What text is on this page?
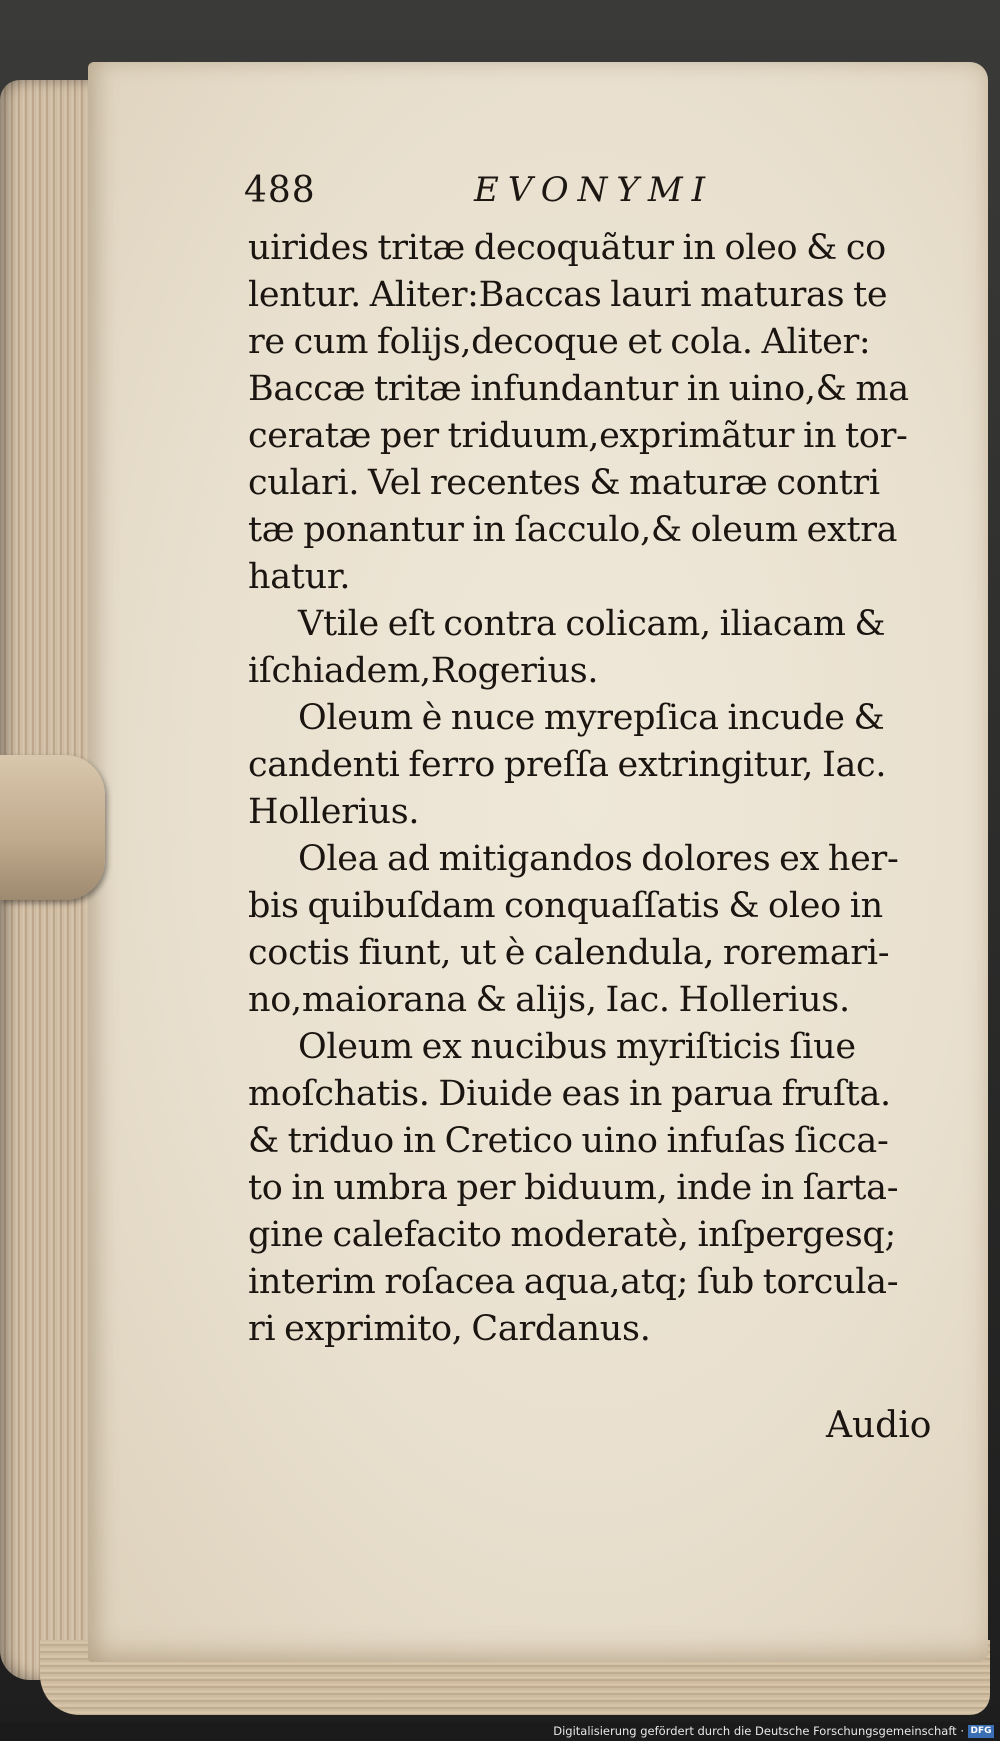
488	EVONYMI
uirides tritæ decoquãtur in oleo & co
lentur. Aliter:Baccas lauri maturas te
re cum folijs,decoque et cola. Aliter:
Baccæ tritæ infundantur in uino,& ma
ceratæ per triduum,exprimãtur in tor-
culari. Vel recentes & maturæ contri
tæ ponantur in ſacculo,& oleum extra
hatur.
Vtile eſt contra colicam, iliacam &
iſchiadem,Rogerius.
Oleum è nuce myrepſica incude &
candenti ferro preſſa extringitur, Iac.
Hollerius.
Olea ad mitigandos dolores ex her-
bis quibuſdam conquaſſatis & oleo in
coctis fiunt, ut è calendula, roremari-
no,maiorana & alijs, Iac. Hollerius.
Oleum ex nucibus myriſticis ſiue
moſchatis. Diuide eas in parua fruſta.
& triduo in Cretico uino infuſas ſicca-
to in umbra per biduum, inde in ſarta-
gine calefacito moderatè, inſpergesq;
interim roſacea aqua,atq; ſub torcula-
ri exprimito, Cardanus.
Audio
Digitalisierung gefördert durch die Deutsche Forschungsgemeinschaft · DFG
